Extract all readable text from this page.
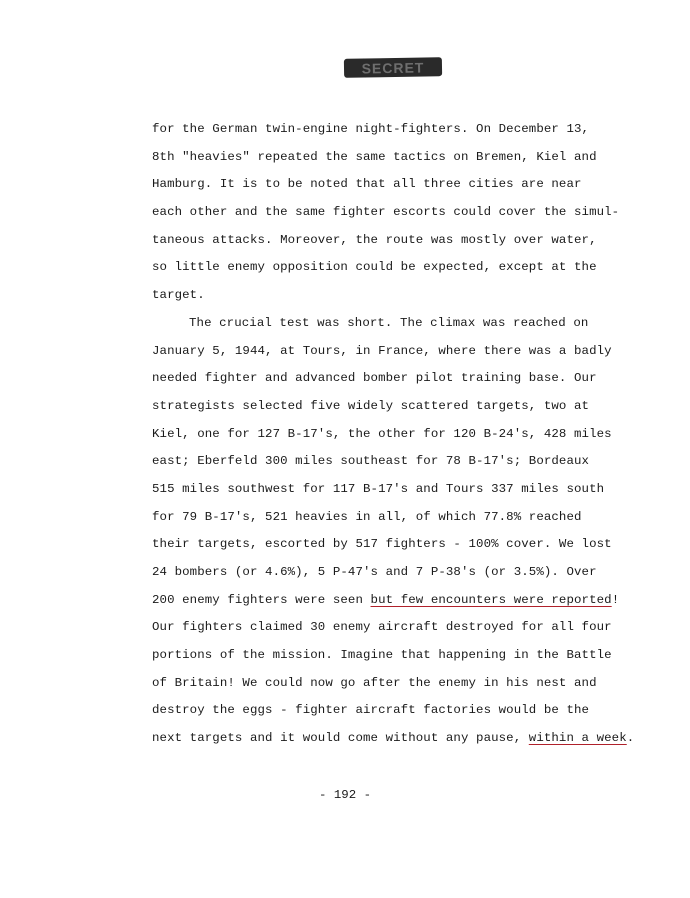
SECRET
for the German twin-engine night-fighters. On December 13,
8th "heavies" repeated the same tactics on Bremen, Kiel and
Hamburg. It is to be noted that all three cities are near
each other and the same fighter escorts could cover the simul-
taneous attacks. Moreover, the route was mostly over water,
so little enemy opposition could be expected, except at the
target.
The crucial test was short. The climax was reached on
January 5, 1944, at Tours, in France, where there was a badly
needed fighter and advanced bomber pilot training base. Our
strategists selected five widely scattered targets, two at
Kiel, one for 127 B-17's, the other for 120 B-24's, 428 miles
east; Eberfeld 300 miles southeast for 78 B-17's; Bordeaux
515 miles southwest for 117 B-17's and Tours 337 miles south
for 79 B-17's, 521 heavies in all, of which 77.8% reached
their targets, escorted by 517 fighters - 100% cover. We lost
24 bombers (or 4.6%), 5 P-47's and 7 P-38's (or 3.5%). Over
200 enemy fighters were seen but few encounters were reported!
Our fighters claimed 30 enemy aircraft destroyed for all four
portions of the mission. Imagine that happening in the Battle
of Britain! We could now go after the enemy in his nest and
destroy the eggs - fighter aircraft factories would be the
next targets and it would come without any pause, within a week.
- 192 -
